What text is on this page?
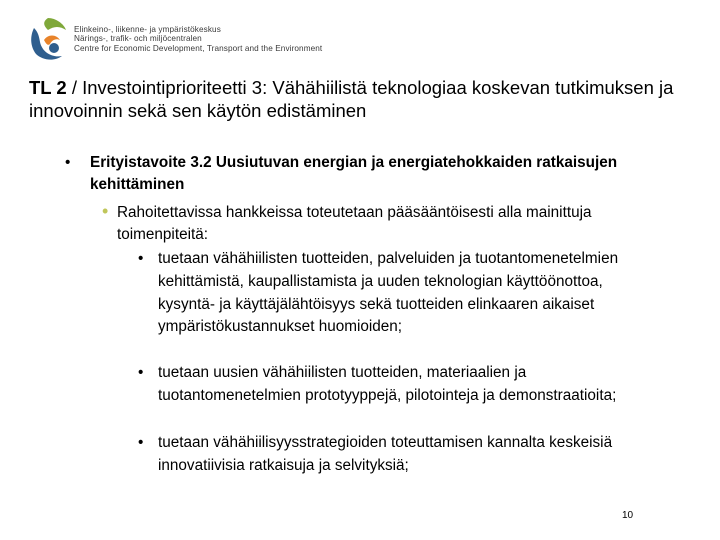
Elinkeino-, liikenne- ja ympäristökeskus
Närings-, trafik- och miljöcentralen
Centre for Economic Development, Transport and the Environment
TL 2 / Investointiprioriteetti 3: Vähähiilistä teknologiaa koskevan tutkimuksen ja innovoinnin sekä sen käytön edistäminen
• Erityistavoite 3.2 Uusiutuvan energian ja energiatehokkaiden ratkaisujen kehittäminen
• Rahoitettavissa hankkeissa toteutetaan pääsääntöisesti alla mainittuja toimenpiteitä:
• tuetaan vähähiilisten tuotteiden, palveluiden ja tuotantomenetelmien kehittämistä, kaupallistamista ja uuden teknologian käyttöönottoa, kysyntä- ja käyttäjälähtöisyys sekä tuotteiden elinkaaren aikaiset ympäristökustannukset huomioiden;
• tuetaan uusien vähähiilisten tuotteiden, materiaalien ja tuotantomenetelmien prototyyppejä, pilotointeja ja demonstraatioita;
• tuetaan vähähiilisyysstrategioiden toteuttamisen kannalta keskeisiä innovatiivisia ratkaisuja ja selvityksiä;
10
